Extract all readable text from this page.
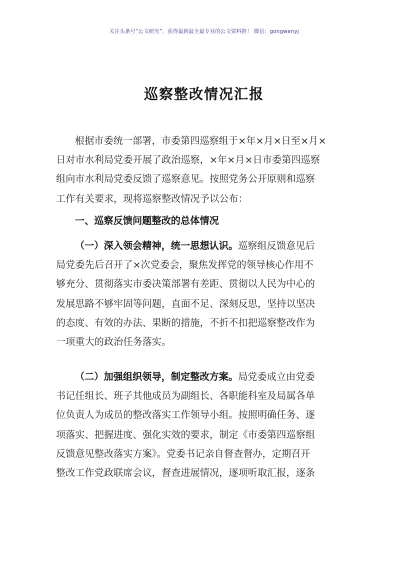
关注头条号“公文研究”，获得最新最全最专业的公文资料推！ 微信：gongwenyj
巡察整改情况汇报
根据市委统一部署，市委第四巡察组于×年×月×日至×月×
日对市水利局党委开展了政治巡察，×年×月×日市委第四巡察
组向市水利局党委反馈了巡察意见。按照党务公开原则和巡察
工作有关要求，现将巡察整改情况予以公布：
一、巡察反馈问题整改的总体情况
（一）深入领会精神，统一思想认识。巡察组反馈意见后
局党委先后召开了×次党委会，聚焦发挥党的领导核心作用不
够充分、贯彻落实市委决策部署有差距、贯彻以人民为中心的
发展思路不够牢固等问题，直面不足、深刻反思，坚持以坚决
的态度、有效的办法、果断的措施，不折不扣把巡察整改作为
一项重大的政治任务落实。
（二）加强组织领导，制定整改方案。局党委成立由党委
书记任组长、班子其他成员为副组长、各职能科室及局属各单
位负责人为成员的整改落实工作领导小组。按照明确任务、逐
项落实、把握进度、强化实效的要求，制定《市委第四巡察组
反馈意见整改落实方案》。党委书记亲自督查督办，定期召开
整改工作党政联席会议，督查进展情况，逐项听取汇报，逐条
